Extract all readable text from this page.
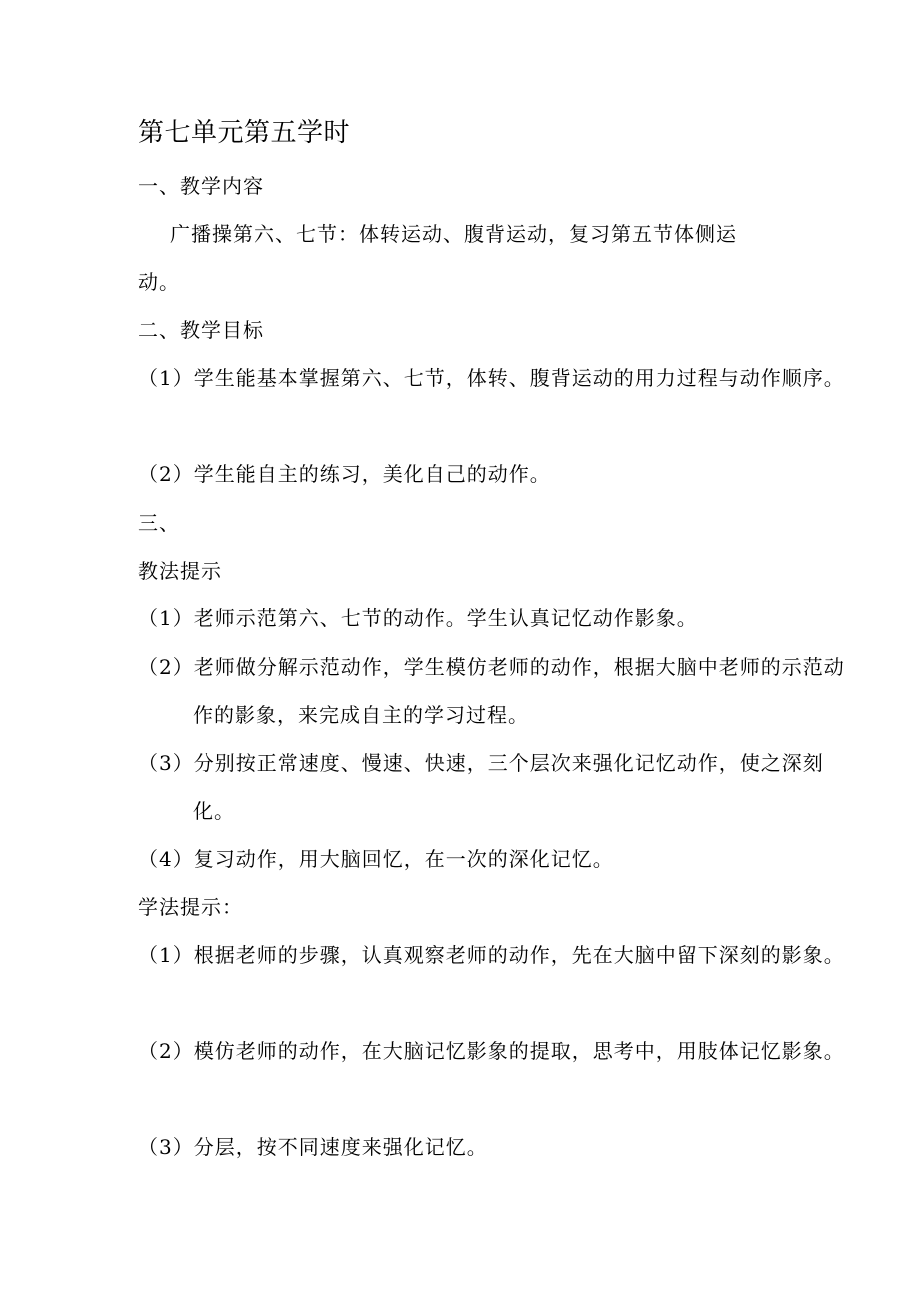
第七单元第五学时
一、教学内容
广播操第六、七节：体转运动、腹背运动，复习第五节体侧运动。
二、教学目标
（1）学生能基本掌握第六、七节，体转、腹背运动的用力过程与动作顺序。
（2）学生能自主的练习，美化自己的动作。
三、
教法提示
（1）老师示范第六、七节的动作。学生认真记忆动作影象。
（2）老师做分解示范动作，学生模仿老师的动作，根据大脑中老师的示范动作的影象，来完成自主的学习过程。
（3）分别按正常速度、慢速、快速，三个层次来强化记忆动作，使之深刻化。
（4）复习动作，用大脑回忆，在一次的深化记忆。
学法提示：
（1）根据老师的步骤，认真观察老师的动作，先在大脑中留下深刻的影象。
（2）模仿老师的动作，在大脑记忆影象的提取，思考中，用肢体记忆影象。
（3）分层，按不同速度来强化记忆。
